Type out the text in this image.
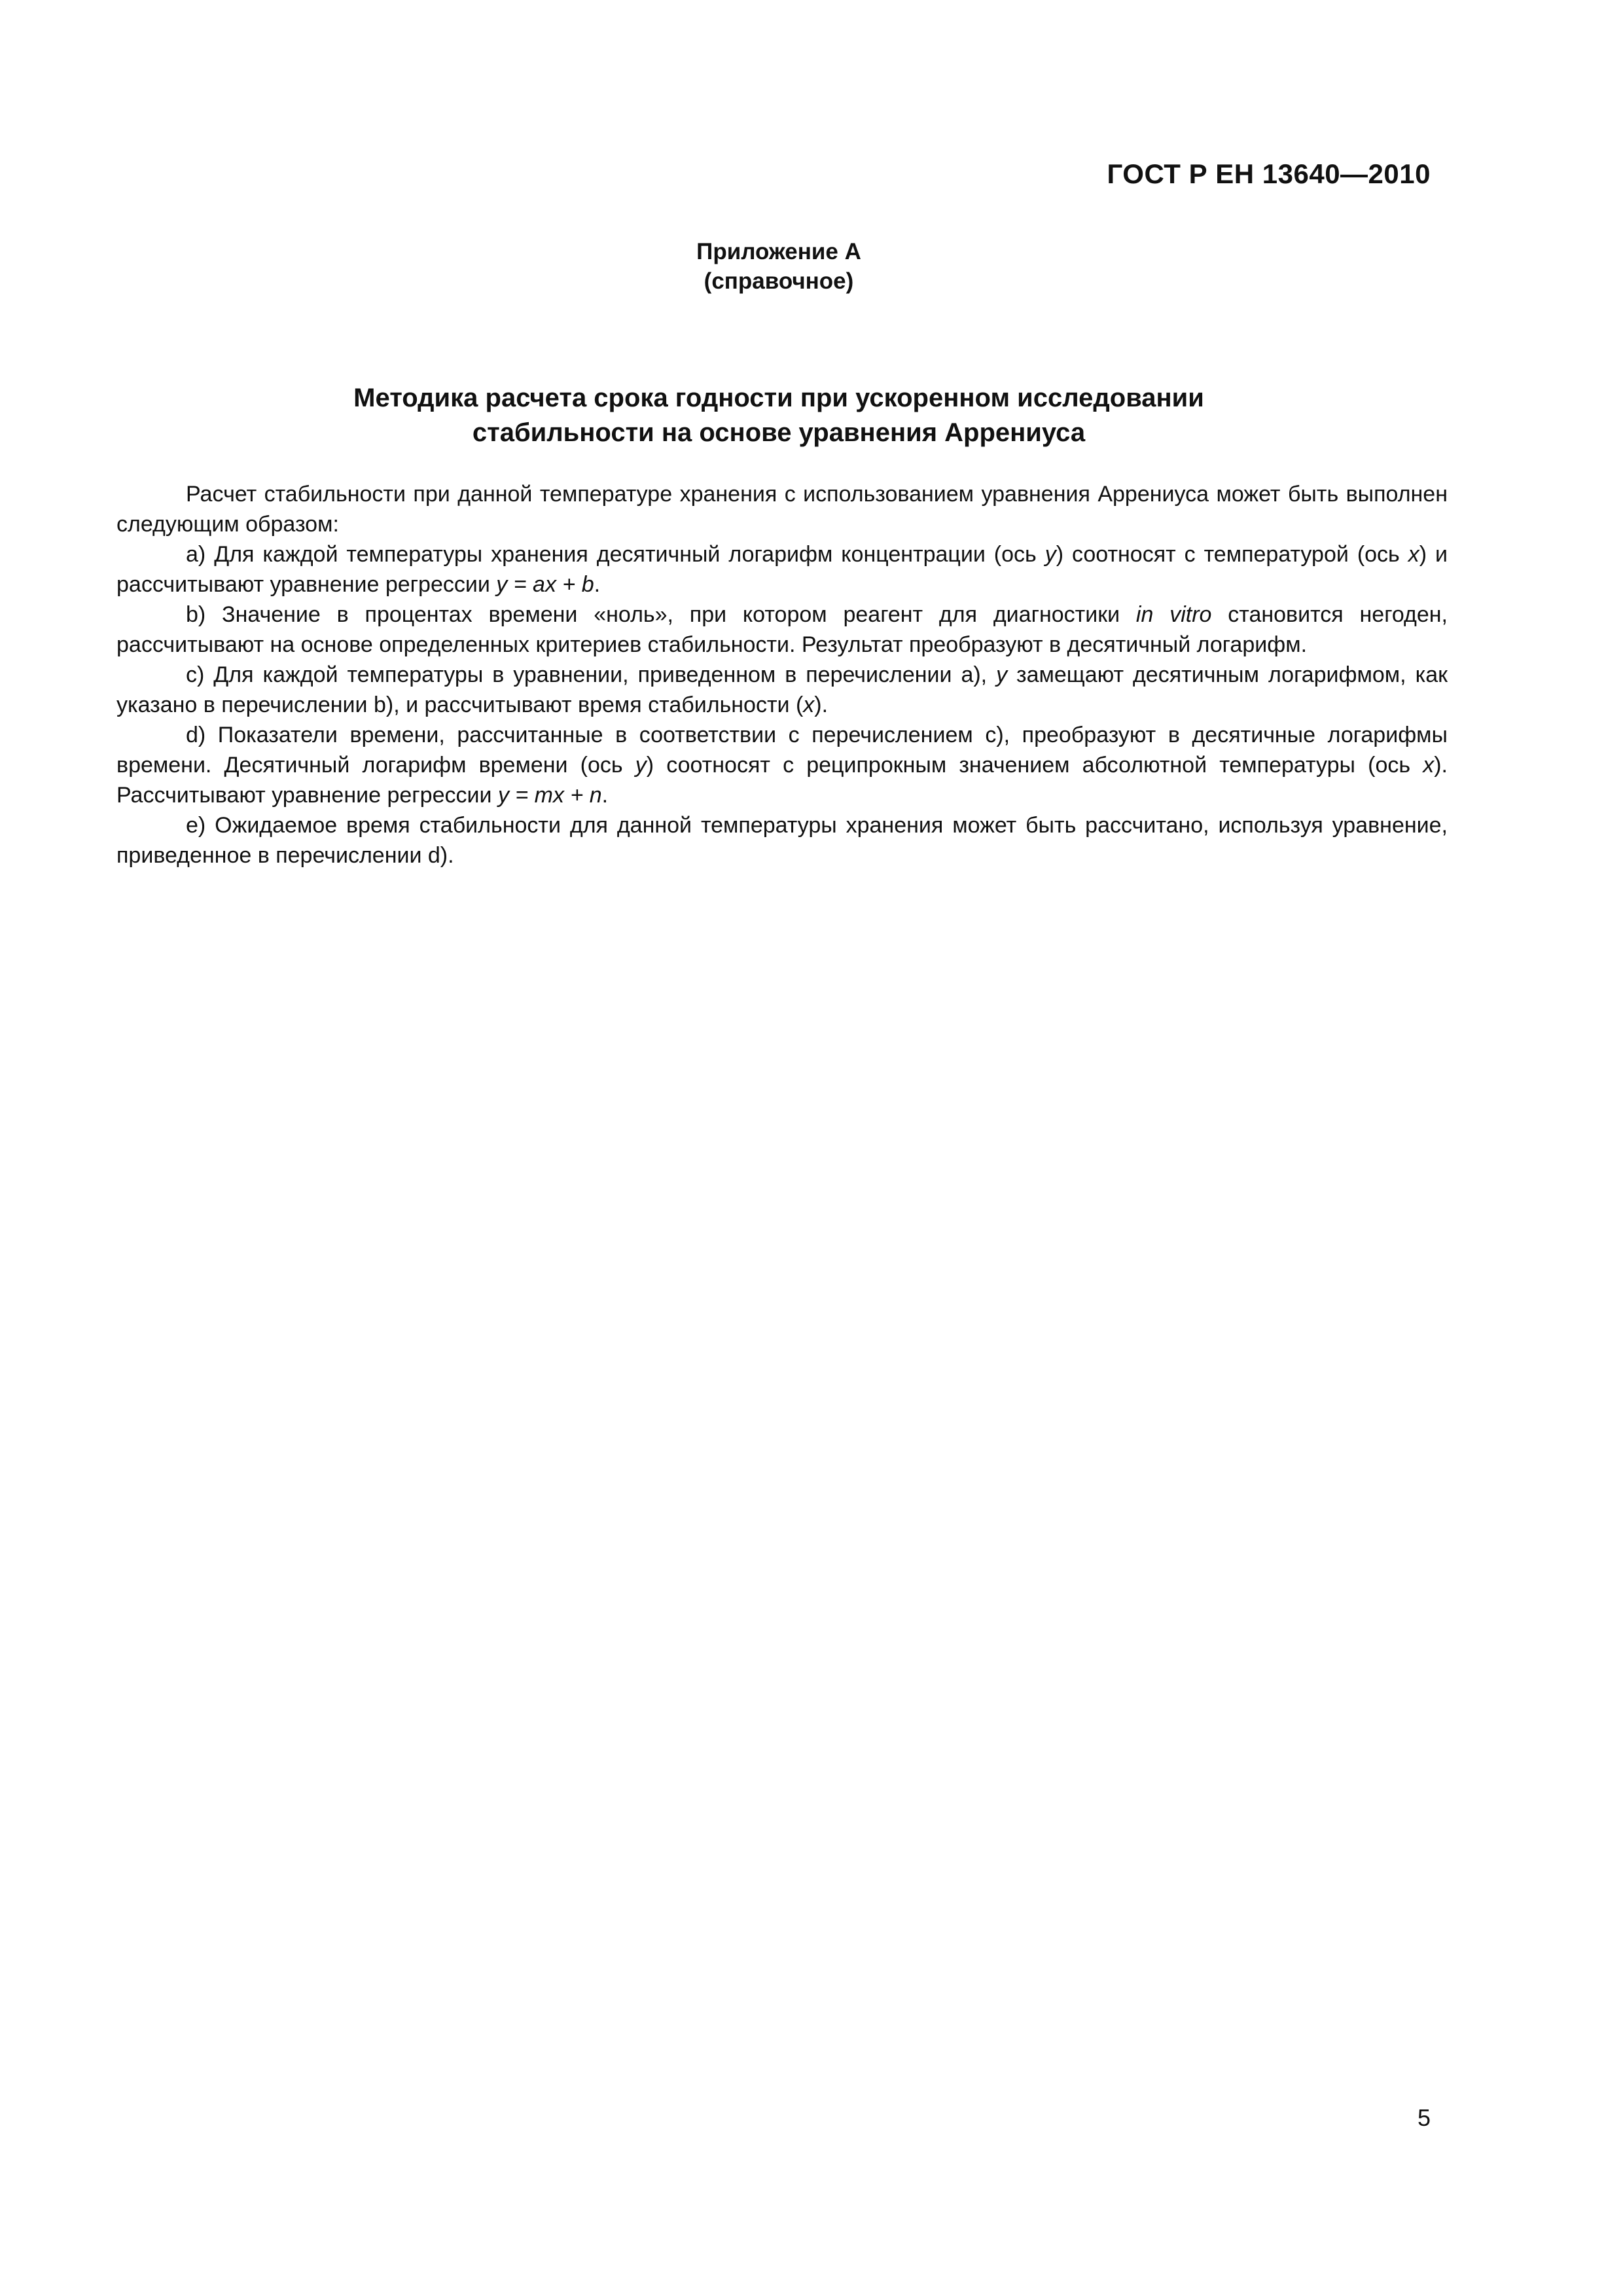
ГОСТ Р ЕН 13640—2010
Приложение А
(справочное)
Методика расчета срока годности при ускоренном исследовании
стабильности на основе уравнения Аррениуса

Расчет стабильности при данной температуре хранения с использованием уравнения Аррениуса может быть выполнен следующим образом:

а) Для каждой температуры хранения десятичный логарифм концентрации (ось y) соотносят с температурой (ось x) и рассчитывают уравнение регрессии y = ax + b.

b) Значение в процентах времени «ноль», при котором реагент для диагностики in vitro становится негоден, рассчитывают на основе определенных критериев стабильности. Результат преобразуют в десятичный логарифм.

с) Для каждой температуры в уравнении, приведенном в перечислении а), у замещают десятичным логарифмом, как указано в перечислении b), и рассчитывают время стабильности (x).

d) Показатели времени, рассчитанные в соответствии с перечислением с), преобразуют в десятичные логарифмы времени. Десятичный логарифм времени (ось у) соотносят с реципрокным значением абсолютной температуры (ось x). Рассчитывают уравнение регрессии y = mx + n.

е) Ожидаемое время стабильности для данной температуры хранения может быть рассчитано, используя уравнение, приведенное в перечислении d).

5
